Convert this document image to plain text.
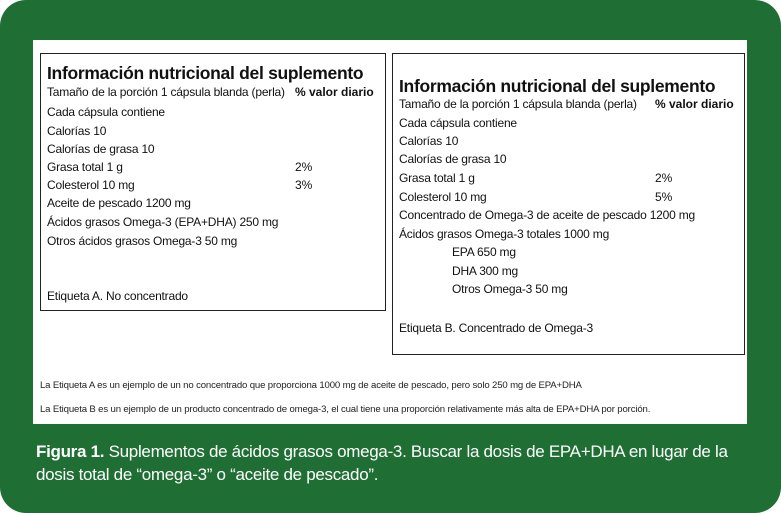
Información nutricional del suplemento
Tamaño de la porción 1 cápsula blanda (perla) % valor diario
Cada cápsula contiene
Calorías 10
Calorías de grasa 10
Grasa total 1 g	2%
Colesterol 10 mg	3%
Aceite de pescado 1200 mg
Ácidos grasos Omega-3 (EPA+DHA) 250 mg
Otros ácidos grasos Omega-3 50 mg
Etiqueta A. No concentrado
Información nutricional del suplemento
Tamaño de la porción 1 cápsula blanda (perla) % valor diario
Cada cápsula contiene
Calorías 10
Calorías de grasa 10
Grasa total 1 g	2%
Colesterol 10 mg	5%
Concentrado de Omega-3 de aceite de pescado 1200 mg
Ácidos grasos Omega-3 totales 1000 mg
EPA 650 mg
DHA 300 mg
Otros Omega-3 50 mg
Etiqueta B. Concentrado de Omega-3
La Etiqueta A es un ejemplo de un no concentrado que proporciona 1000 mg de aceite de pescado, pero solo 250 mg de EPA+DHA
La Etiqueta B es un ejemplo de un producto concentrado de omega-3, el cual tiene una proporción relativamente más alta de EPA+DHA por porción.
Figura 1. Suplementos de ácidos grasos omega-3. Buscar la dosis de EPA+DHA en lugar de la dosis total de “omega-3” o “aceite de pescado”.
